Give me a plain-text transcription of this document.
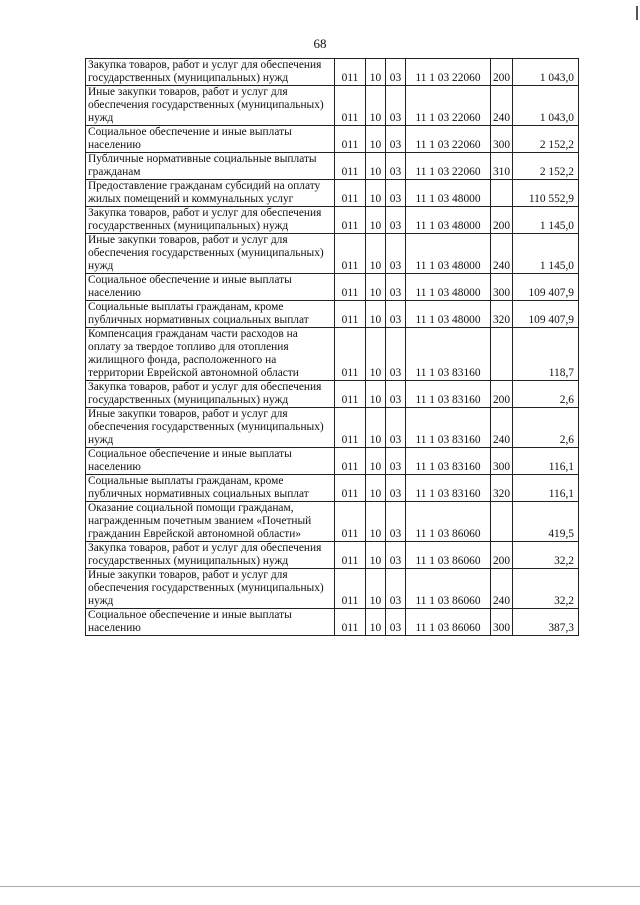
68
Закупка товаров, работ и услуг для обеспечения государственных (муниципальных) нужд	011	10	03	11 1 03 22060	200	1 043,0
Иные закупки товаров, работ и услуг для обеспечения государственных (муниципальных) нужд	011	10	03	11 1 03 22060	240	1 043,0
Социальное обеспечение и иные выплаты населению	011	10	03	11 1 03 22060	300	2 152,2
Публичные нормативные социальные выплаты гражданам	011	10	03	11 1 03 22060	310	2 152,2
Предоставление гражданам субсидий на оплату жилых помещений и коммунальных услуг	011	10	03	11 1 03 48000		110 552,9
Закупка товаров, работ и услуг для обеспечения государственных (муниципальных) нужд	011	10	03	11 1 03 48000	200	1 145,0
Иные закупки товаров, работ и услуг для обеспечения государственных (муниципальных) нужд	011	10	03	11 1 03 48000	240	1 145,0
Социальное обеспечение и иные выплаты населению	011	10	03	11 1 03 48000	300	109 407,9
Социальные выплаты гражданам, кроме публичных нормативных социальных выплат	011	10	03	11 1 03 48000	320	109 407,9
Компенсация гражданам части расходов на оплату за твердое топливо для отопления жилищного фонда, расположенного на территории Еврейской автономной области	011	10	03	11 1 03 83160		118,7
Закупка товаров, работ и услуг для обеспечения государственных (муниципальных) нужд	011	10	03	11 1 03 83160	200	2,6
Иные закупки товаров, работ и услуг для обеспечения государственных (муниципальных) нужд	011	10	03	11 1 03 83160	240	2,6
Социальное обеспечение и иные выплаты населению	011	10	03	11 1 03 83160	300	116,1
Социальные выплаты гражданам, кроме публичных нормативных социальных выплат	011	10	03	11 1 03 83160	320	116,1
Оказание социальной помощи гражданам, награжденным почетным званием «Почетный гражданин Еврейской автономной области»	011	10	03	11 1 03 86060		419,5
Закупка товаров, работ и услуг для обеспечения государственных (муниципальных) нужд	011	10	03	11 1 03 86060	200	32,2
Иные закупки товаров, работ и услуг для обеспечения государственных (муниципальных) нужд	011	10	03	11 1 03 86060	240	32,2
Социальное обеспечение и иные выплаты населению	011	10	03	11 1 03 86060	300	387,3
